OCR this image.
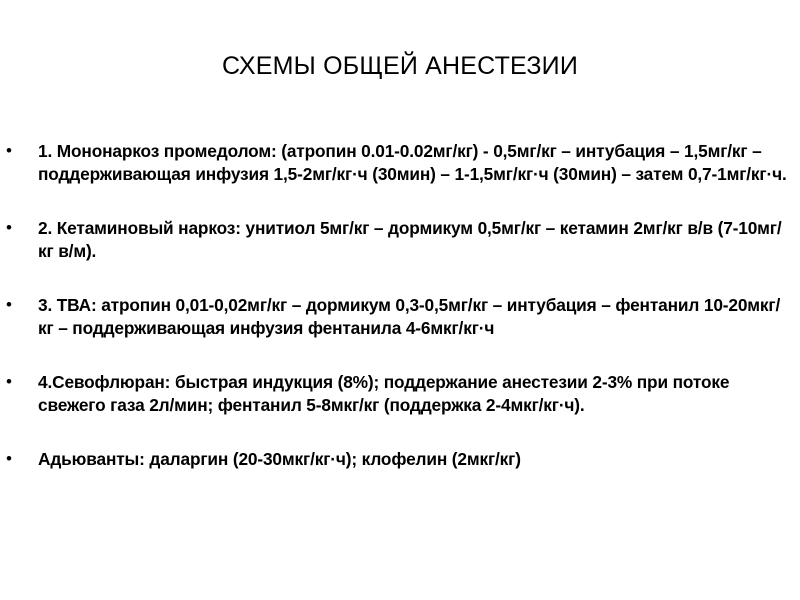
СХЕМЫ ОБЩЕЙ АНЕСТЕЗИИ
• 1. Мононаркоз промедолом: (атропин 0.01-0.02мг/кг) - 0,5мг/кг – интубация – 1,5мг/кг – поддерживающая инфузия 1,5-2мг/кг·ч (30мин) – 1-1,5мг/кг·ч (30мин) – затем 0,7-1мг/кг·ч.
• 2. Кетаминовый наркоз: унитиол 5мг/кг – дормикум 0,5мг/кг – кетамин 2мг/кг в/в (7-10мг/кг в/м).
• 3. ТВА: атропин 0,01-0,02мг/кг – дормикум 0,3-0,5мг/кг – интубация – фентанил 10-20мкг/кг – поддерживающая инфузия фентанила 4-6мкг/кг·ч
• 4.Севофлюран: быстрая индукция (8%); поддержание анестезии 2-3% при потоке свежего газа 2л/мин; фентанил 5-8мкг/кг (поддержка 2-4мкг/кг·ч).
• Адьюванты: даларгин (20-30мкг/кг·ч); клофелин (2мкг/кг)
